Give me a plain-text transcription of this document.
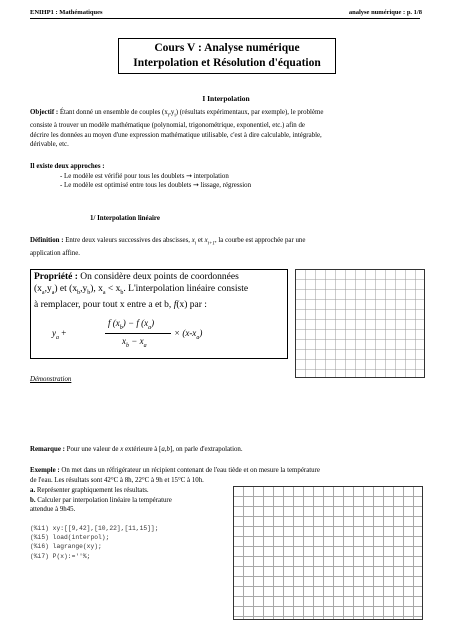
ENIHP1 : Mathématiques	analyse numérique : p. 1/8
Cours V : Analyse numérique
Interpolation et Résolution d'équation
I Interpolation
Objectif : Étant donné un ensemble de couples $(x_i,y_i)$ (résultats expérimentaux, par exemple), le problème
consiste à trouver un modèle mathématique (polynomial, trigonométrique, exponentiel, etc.) afin de
décrire les données au moyen d'une expression mathématique utilisable, c'est à dire calculable, intégrable,
dérivable, etc.
Il existe deux approches :
- Le modèle est vérifié pour tous les doublets → interpolation
- Le modèle est optimisé entre tous les doublets → lissage, régression
1/ Interpolation linéaire
Définition : Entre deux valeurs successives des abscisses, $x_i$ et $x_{i+1}$, la courbe est approchée par une
application affine.
Propriété : On considère deux points de coordonnées
$(x_a,y_a)$ et $(x_b,y_b)$, $x_a < x_b$. L'interpolation linéaire consiste
à remplacer, pour tout x entre a et b, f(x) par :
$y_a$ +
f $(x_b) - f$ $(x_a)$
$x_b - x_a$
× $(x-x_a)$
Démonstration
Remarque : Pour une valeur de x extérieure à [a,b], on parle d'extrapolation.
Exemple : On met dans un réfrigérateur un récipient contenant de l'eau tiède et on mesure la température
de l'eau. Les résultats sont 42°C à 8h, 22°C à 9h et 15°C à 10h.
a. Représenter graphiquement les résultats.
b. Calculer par interpolation linéaire la température
attendue à 9h45.
(%i1) xy:[[9,42],[10,22],[11,15]];
(%i5) load(interpol);
(%i6) lagrange(xy);
(%i7) P(x):=''%;
